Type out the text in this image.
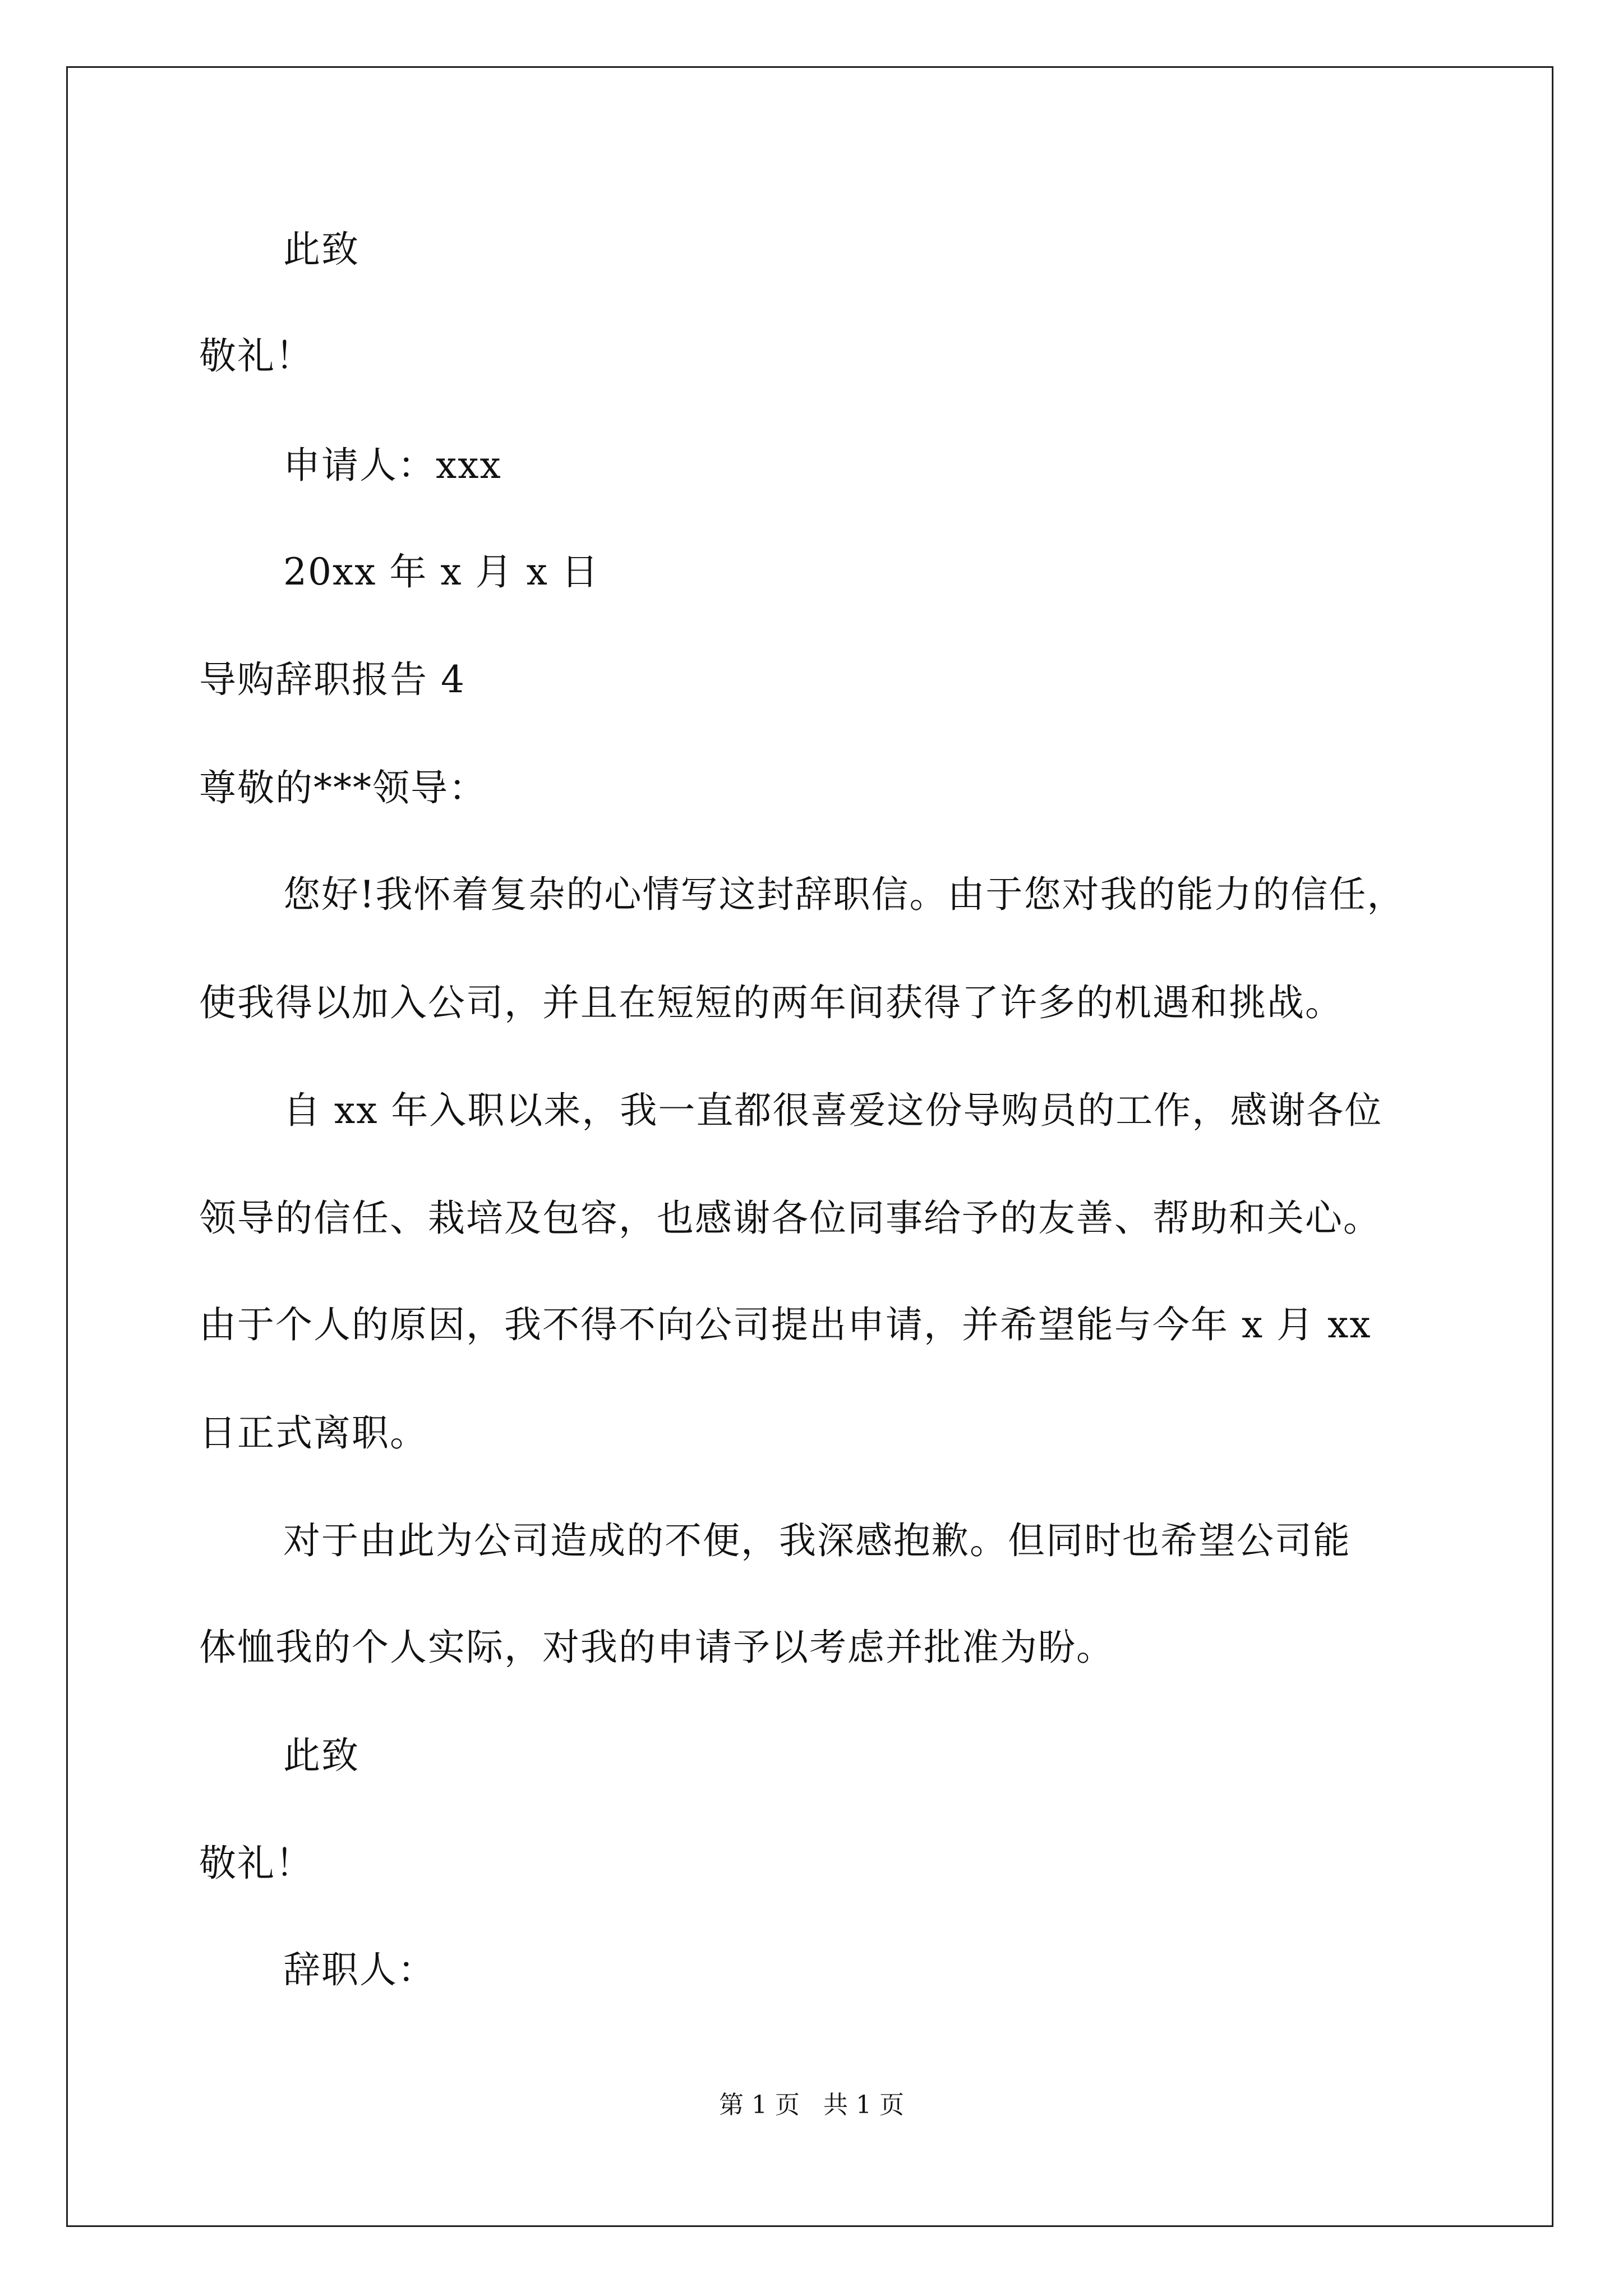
此致
敬礼！
申请人：xxx
20xx 年 x 月 x 日
导购辞职报告 4
尊敬的***领导：
您好!我怀着复杂的心情写这封辞职信。由于您对我的能力的信任，
使我得以加入公司，并且在短短的两年间获得了许多的机遇和挑战。
自 xx 年入职以来，我一直都很喜爱这份导购员的工作，感谢各位
领导的信任、栽培及包容，也感谢各位同事给予的友善、帮助和关心。
由于个人的原因，我不得不向公司提出申请，并希望能与今年 x 月 xx
日正式离职。
对于由此为公司造成的不便，我深感抱歉。但同时也希望公司能
体恤我的个人实际，对我的申请予以考虑并批准为盼。
此致
敬礼！
辞职人：
第 1 页 共 1 页
